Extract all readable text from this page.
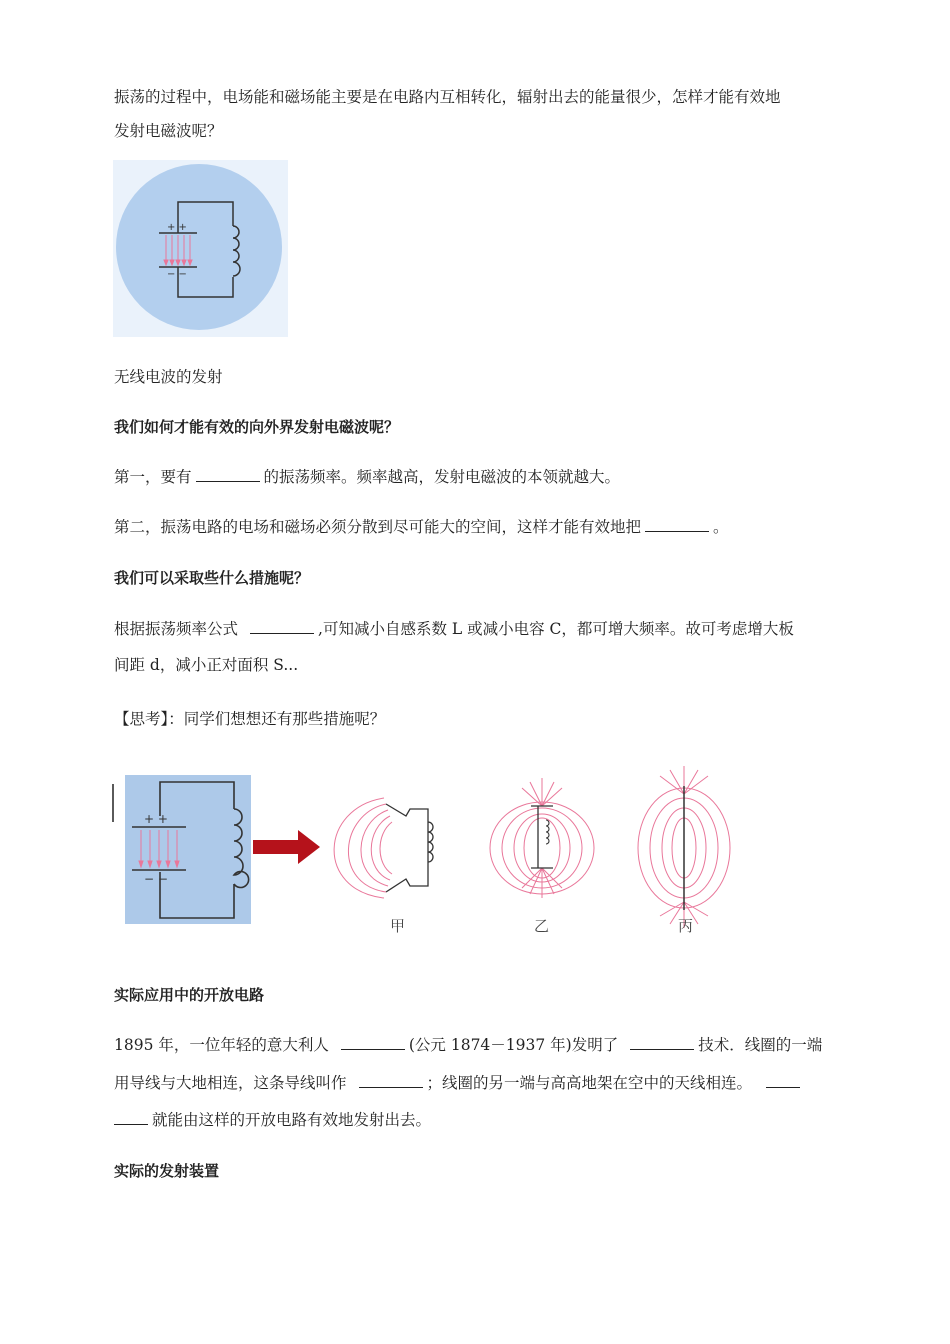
振荡的过程中，电场能和磁场能主要是在电路内互相转化，辐射出去的能量很少，怎样才能有效地

发射电磁波呢？

+ +
− −

无线电波的发射

我们如何才能有效的向外界发射电磁波呢？

第一，要有	的振荡频率。频率越高，发射电磁波的本领就越大。

第二，振荡电路的电场和磁场必须分散到尽可能大的空间，这样才能有效地把	。

我们可以采取些什么措施呢？

根据振荡频率公式	,可知减小自感系数 L 或减小电容 C，都可增大频率。故可考虑增大板

间距 d，减小正对面积 S...

【思考】：同学们想想还有那些措施呢？

+ +
− −
甲	乙	丙

实际应用中的开放电路

1895 年，一位年轻的意大利人	(公元 1874－1937 年)发明了	技术．线圈的一端

用导线与大地相连，这条导线叫作	；线圈的另一端与高高地架在空中的天线相连。

就能由这样的开放电路有效地发射出去。

实际的发射装置
